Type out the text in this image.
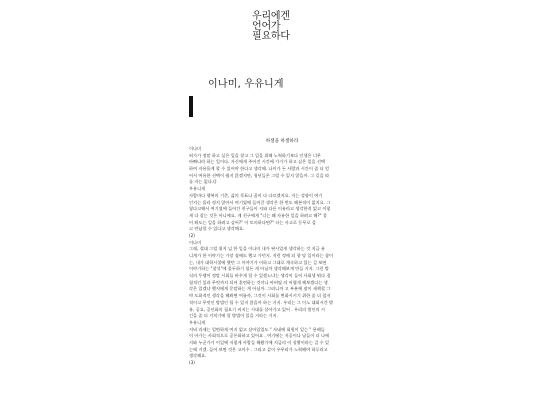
우리에겐
언어가
필요하다
이나미, 우유니게
하셀을 하셀하라
이나미
허가가 정말 하고 싶은 일을 찾고 그 일을 위해 노력하기보다 인생은 너무
바빠나라 하는 일이다. 자신에게 주어진 시간에 가기가 하고 싶은 일을 선택
하여 자유롭게 할 수 있어야 한다고 생각해. 나이가 든 사람과 시간이 좀 더 얻
어서 여유한 선택이 쉽지 않겠지만, 청년들은 그럴 수 있지 않을까. 그 길을 따
를 자는 없다.()
우유니게
사람마다 행복의 기준, 삶의 목표나 꿈이 다 다르겠지요. 저는 성향이 여기
인지는 몰라 정지 않아서 여기였에 들어갈 생각은 한 번도 해본적이 없지요. 그
렇다고해서 여기였에 들어간 친구들이 저와 다른 이유라고 생각한적 없고 이렇
게 다 잘는 것은 아니에요. 제 친구에게 "너는 왜 자유한 일을 하려고 해?" 물
어 봐도는 일을 하려고 싶어?" 이 토의하다면?" 타는 사고로 동무로 갑
고 만났할 수 있다고 생각해요.
(2)
이나미
그래, 절대 그럴 위지 넘 한 일을 이나미 내가 판시었게 생각하는 것 지금 유
니게가 한 이야기는 가장 점에도 했고 가던지. 저런 정에 되 향 당 일이라는 참이
는, 내가 대학시절에 했던 그 이야기가 이하고 그대로 계속하고 있는 걸 보면
이야기하는 "참석"에 몰두하기 힘든 게 아닐까 생각해보게 만들 거지. 그런 방
식의 투쟁이 정말 시회를 바꾸게 할 수 있겠느냐는 생각이 들어 사회생 뭐다 경
험적인 일과 무엇까지 되어 훈련하는 것이나 아버틸 의 어렵게 해보겠다는 생
각은 있겠냐 했지에게 문말하는 게 아닐까. 그러니까 고 부분에 잠이 새책할 그
야 도화적인 생각을 해봐면 여름까, 그것이 시회를 변화시키기 위한 좀 더 철저
적이고 무엇인 방법인 될 수 있지 않을까 하는 거지. 우리는 그 이노 대회시간 밖
유, 공요, 공인화의 필요기 커지는 시대를 살아가고 있어 . 우리의 별인의 시
긴을 좀 더 거치기에 할 방법이 있을 거라는 거지.
우유니게
저녁 과제는 얼면하게 여지 없고 살아있었도 " 자네에 회원이 있는 " 용레들
이 아가는 사회적으로 공론화하고 있어요 . 여기에는 저공이나 남들이 더 나에
지와 누군가가 이일에 저렇게 사람들 해왔기에 지금의 이 상황이라는 걸 수 있
는에 거겠. 들어 보면 것은 고이수 . 그리고 같이 우무리가 노력해야 하루라고
생각해요.
(3)
